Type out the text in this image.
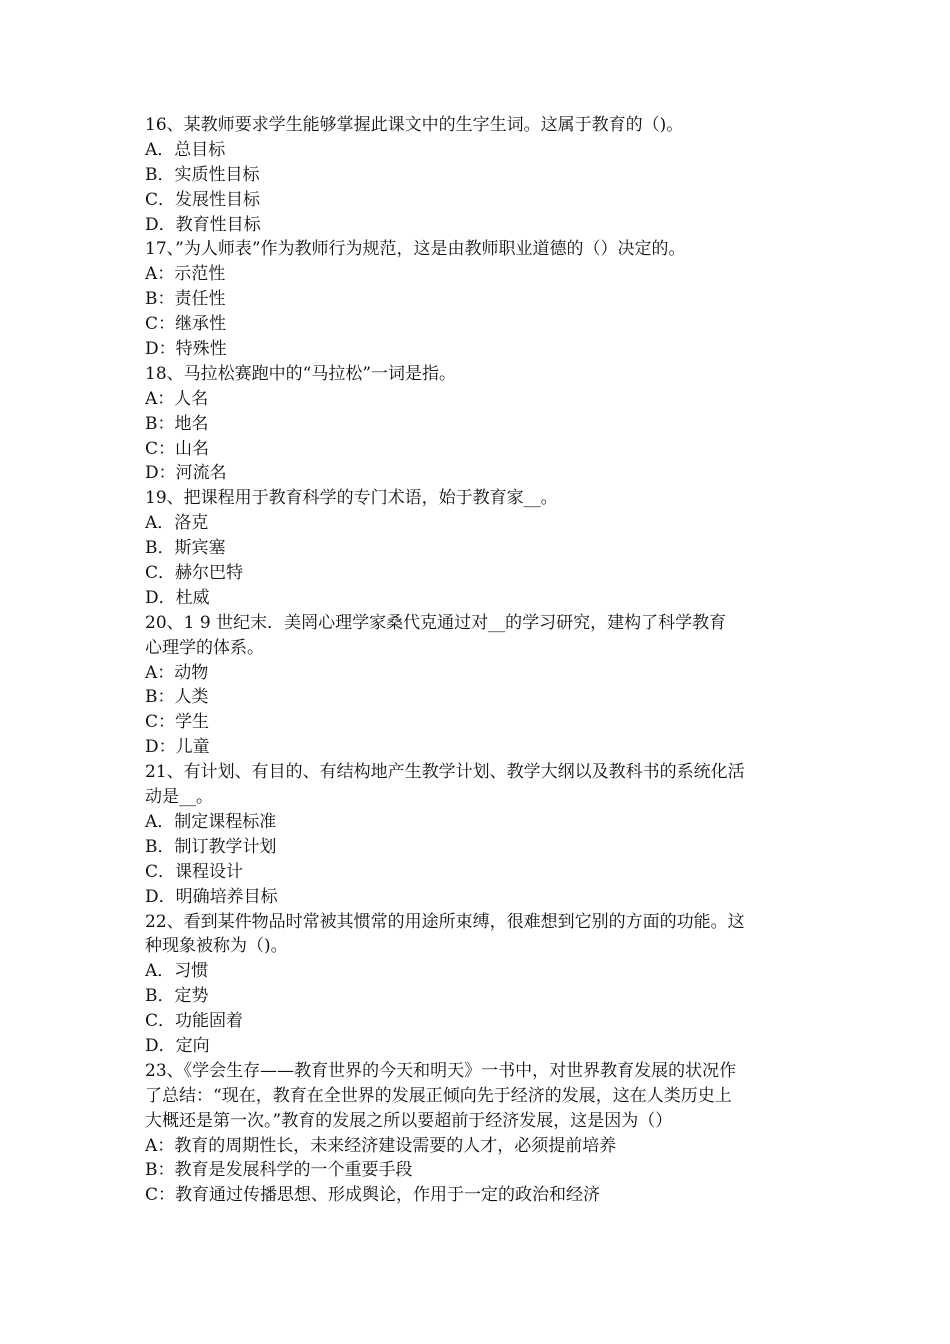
16、某教师要求学生能够掌握此课文中的生字生词。这属于教育的（)。
A．总目标
B．实质性目标
C．发展性目标
D．教育性目标
17、”为人师表”作为教师行为规范，这是由教师职业道德的（）决定的。
A：示范性
B：责任性
C：继承性
D：特殊性
18、马拉松赛跑中的“马拉松”一词是指。
A：人名
B：地名
C：山名
D：河流名
19、把课程用于教育科学的专门术语，始于教育家__。
A．洛克
B．斯宾塞
C．赫尔巴特
D．杜威
20、1 9 世纪末．美罔心理学家桑代克通过对__的学习研究，建构了科学教育
心理学的体系。
A：动物
B：人类
C：学生
D：儿童
21、有计划、有目的、有结构地产生教学计划、教学大纲以及教科书的系统化活
动是__。
A．制定课程标准
B．制订教学计划
C．课程设计
D．明确培养目标
22、看到某件物品时常被其惯常的用途所束缚，很难想到它别的方面的功能。这
种现象被称为（)。
A．习惯
B．定势
C．功能固着
D．定向
23、《学会生存——教育世界的今天和明天》一书中，对世界教育发展的状况作
了总结：“现在，教育在全世界的发展正倾向先于经济的发展，这在人类历史上
大概还是第一次。”教育的发展之所以要超前于经济发展，这是因为（）
A：教育的周期性长，未来经济建设需要的人才，必须提前培养
B：教育是发展科学的一个重要手段
C：教育通过传播思想、形成舆论，作用于一定的政治和经济
